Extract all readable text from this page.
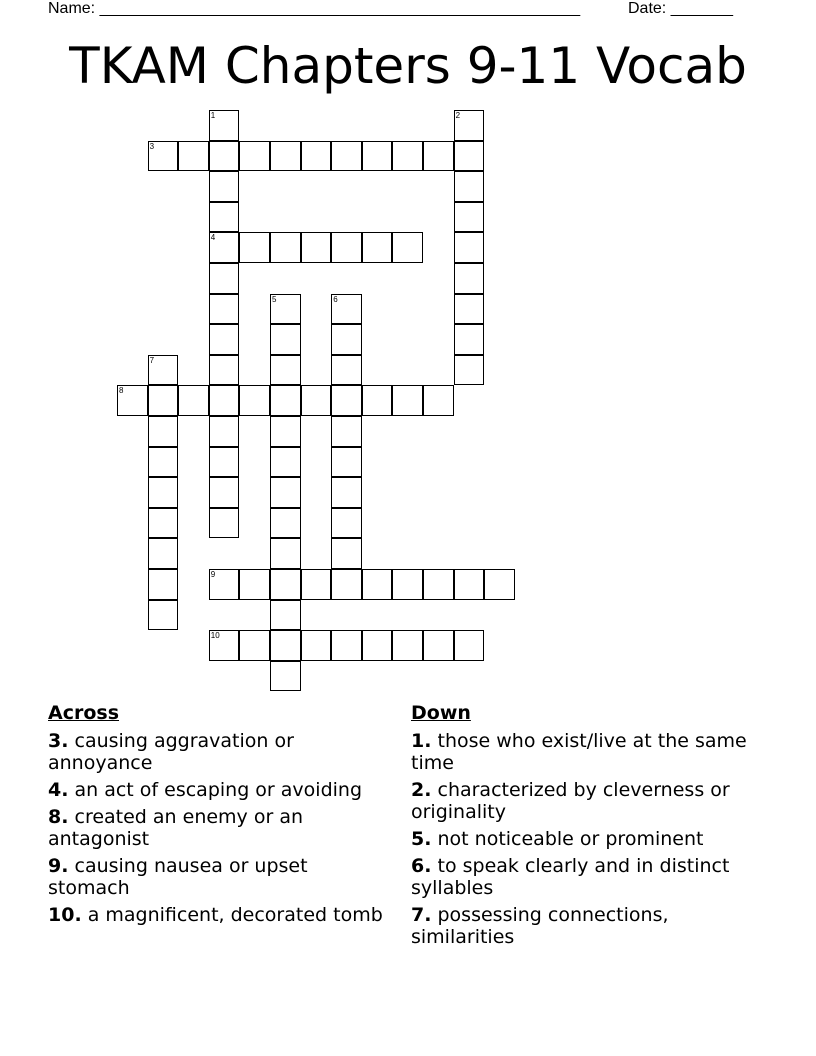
Name: ______________________________________________________	Date: _______
TKAM Chapters 9-11 Vocab
1	2
3
4
5	6
7
8
9
10
Across
3. causing aggravation or annoyance
4. an act of escaping or avoiding
8. created an enemy or an antagonist
9. causing nausea or upset stomach
10. a magnificent, decorated tomb
Down
1. those who exist/live at the same time
2. characterized by cleverness or originality
5. not noticeable or prominent
6. to speak clearly and in distinct syllables
7. possessing connections, similarities
